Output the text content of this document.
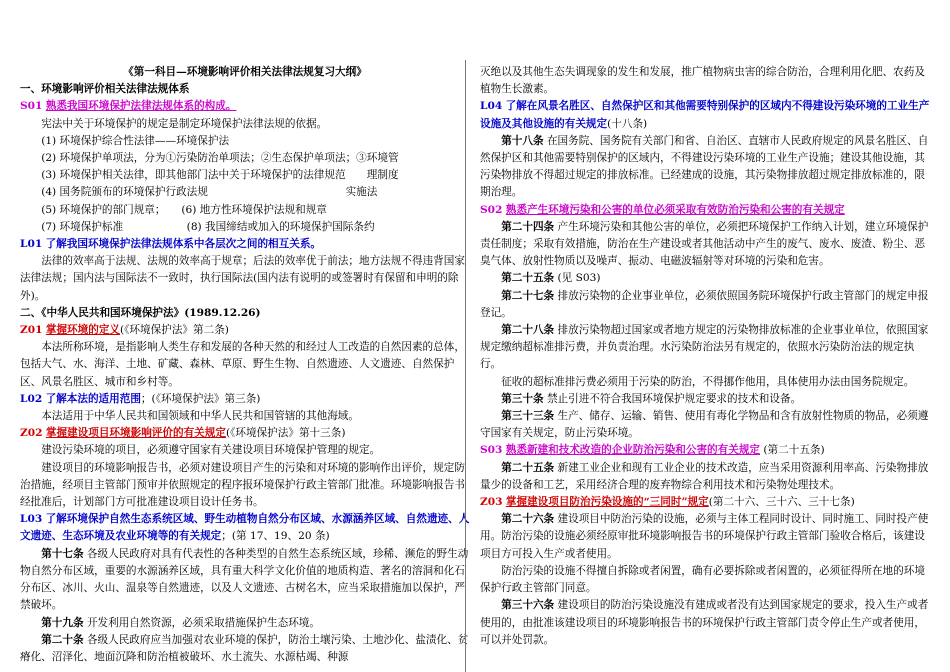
《第一科目—环境影响评价相关法律法规复习大纲》

一、环境影响评价相关法律法规体系

S01 熟悉我国环境保护法律法规体系的构成。

宪法中关于环境保护的规定是制定环境保护法律法规的依据。

(1) 环境保护综合性法律——环境保护法

(2) 环境保护单项法，分为①污染防治单项法；②生态保护单项法；③环境管

(3) 环境保护相关法律，即其他部门法中关于环境保护的法律规范　　理制度

(4) 国务院颁布的环境保护行政法规　　　　　　　　　　　　　实施法

(5) 环境保护的部门规章；　　(6) 地方性环境保护法规和规章

(7) 环境保护标准　　　　　　(8) 我国缔结或加入的环境保护国际条约

L01 了解我国环境保护法律法规体系中各层次之间的相互关系。

法律的效率高于法规、法规的效率高于规章；后法的效率优于前法；地方法规不得违背国家法律法规；国内法与国际法不一致时，执行国际法(国内法有说明的或签署时有保留和申明的除外)。

二、《中华人民共和国环境保护法》(1989.12.26)

Z01 掌握环境的定义(《环境保护法》第二条)

本法所称环境，是指影响人类生存和发展的各种天然的和经过人工改造的自然因素的总体，包括大气、水、海洋、土地、矿藏、森林、草原、野生生物、自然遗迹、人文遗迹、自然保护区、风景名胜区、城市和乡村等。

L02 了解本法的适用范围；(《环境保护法》第三条)

本法适用于中华人民共和国领域和中华人民共和国管辖的其他海域。

Z02 掌握建设项目环境影响评价的有关规定(《环境保护法》第十三条)

建设污染环境的项目，必须遵守国家有关建设项目环境保护管理的规定。

建设项目的环境影响报告书，必须对建设项目产生的污染和对环境的影响作出评价，规定防治措施，经项目主管部门预审并依照规定的程序报环境保护行政主管部门批准。环境影响报告书经批准后，计划部门方可批准建设项目设计任务书。

L03 了解环境保护自然生态系统区域、野生动植物自然分布区域、水源涵养区域、自然遗迹、人文遗迹、生态环境及农业环境等的有关规定；(第 17、19、20 条)

第十七条 各级人民政府对具有代表性的各种类型的自然生态系统区域，珍稀、濒危的野生动物自然分布区域，重要的水源涵养区域，具有重大科学文化价值的地质构造、著名的溶洞和化石分布区、冰川、火山、温泉等自然遗迹，以及人文遗迹、古树名木，应当采取措施加以保护，严禁破坏。

第十九条 开发利用自然资源，必须采取措施保护生态环境。

第二十条 各级人民政府应当加强对农业环境的保护，防治土壤污染、土地沙化、盐渍化、贫瘠化、沼泽化、地面沉降和防治植被破坏、水土流失、水源枯竭、种源

灭绝以及其他生态失调现象的发生和发展，推广植物病虫害的综合防治，合理利用化肥、农药及植物生长激素。

L04 了解在风景名胜区、自然保护区和其他需要特别保护的区域内不得建设污染环境的工业生产设施及其他设施的有关规定(十八条)

第十八条 在国务院、国务院有关部门和省、自治区、直辖市人民政府规定的风景名胜区、自然保护区和其他需要特别保护的区域内，不得建设污染环境的工业生产设施；建设其他设施，其污染物排放不得超过规定的排放标准。已经建成的设施，其污染物排放超过规定排放标准的，限期治理。

S02 熟悉产生环境污染和公害的单位必须采取有效防治污染和公害的有关规定

第二十四条 产生环境污染和其他公害的单位，必须把环境保护工作纳入计划，建立环境保护责任制度；采取有效措施，防治在生产建设或者其他活动中产生的废气、废水、废渣、粉尘、恶臭气体、放射性物质以及噪声、振动、电磁波辐射等对环境的污染和危害。

第二十五条 (见 S03)

第二十七条 排放污染物的企业事业单位，必须依照国务院环境保护行政主管部门的规定申报登记。

第二十八条 排放污染物超过国家或者地方规定的污染物排放标准的企业事业单位，依照国家规定缴纳超标准排污费，并负责治理。水污染防治法另有规定的，依照水污染防治法的规定执行。

征收的超标准排污费必须用于污染的防治，不得挪作他用，具体使用办法由国务院规定。

第三十条 禁止引进不符合我国环境保护规定要求的技术和设备。

第三十三条 生产、储存、运输、销售、使用有毒化学物品和含有放射性物质的物品，必须遵守国家有关规定，防止污染环境。

S03 熟悉新建和技术改造的企业防治污染和公害的有关规定 (第二十五条)

第二十五条 新建工业企业和现有工业企业的技术改造，应当采用资源利用率高、污染物排放量少的设备和工艺，采用经济合理的废弃物综合利用技术和污染物处理技术。

Z03 掌握建设项目防治污染设施的“三同时”规定(第二十六、三十六、三十七条)

第二十六条 建设项目中防治污染的设施，必须与主体工程同时设计、同时施工、同时投产使用。防治污染的设施必须经原审批环境影响报告书的环境保护行政主管部门验收合格后，该建设项目方可投入生产或者使用。

防治污染的设施不得擅自拆除或者闲置，确有必要拆除或者闲置的，必须征得所在地的环境保护行政主管部门同意。

第三十六条 建设项目的防治污染设施没有建成或者没有达到国家规定的要求，投入生产或者使用的，由批准该建设项目的环境影响报告书的环境保护行政主管部门责令停止生产或者使用，可以并处罚款。
